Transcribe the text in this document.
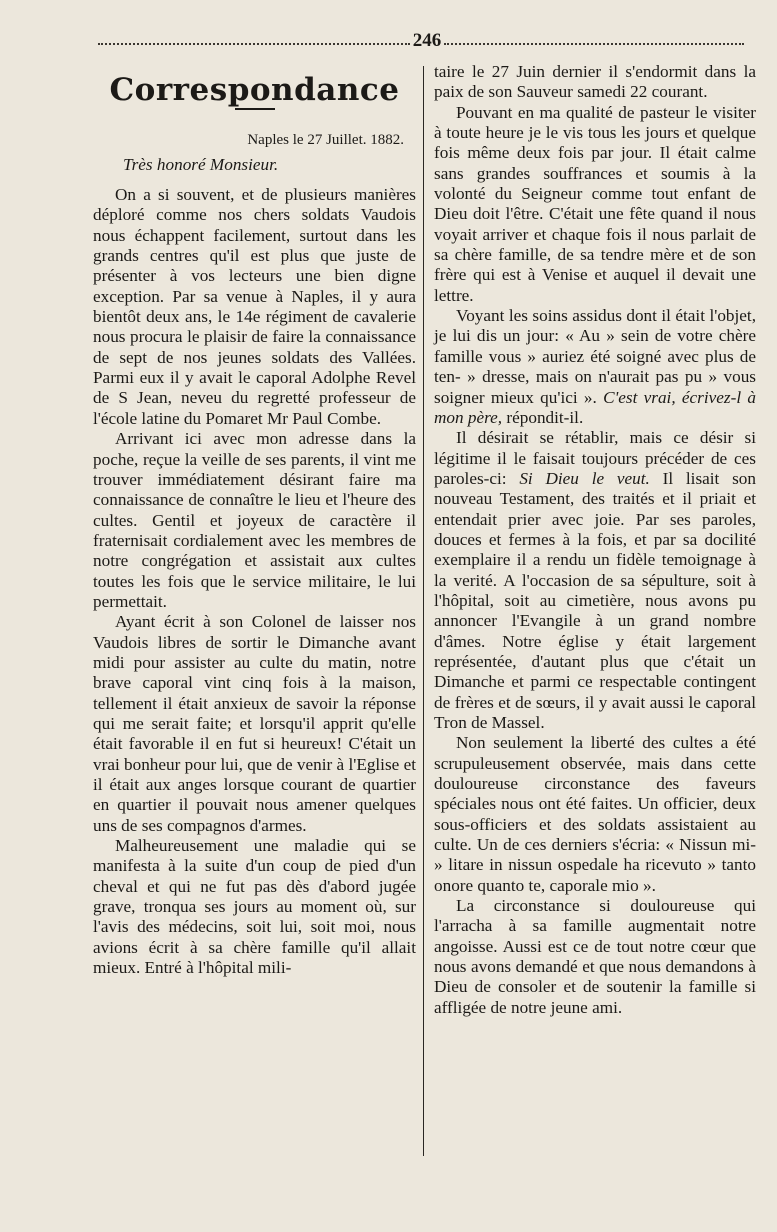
246
Correspondance
Naples le 27 Juillet. 1882.

Très honoré Monsieur.

On a si souvent, et de plusieurs manières déploré comme nos chers soldats Vaudois nous échappent facilement, surtout dans les grands centres qu'il est plus que juste de présenter à vos lecteurs une bien digne exception. Par sa venue à Naples, il y aura bientôt deux ans, le 14e régiment de cavalerie nous procura le plaisir de faire la connaissance de sept de nos jeunes soldats des Vallées. Parmi eux il y avait le caporal Adolphe Revel de S Jean, neveu du regretté professeur de l'école latine du Pomaret Mr Paul Combe.

Arrivant ici avec mon adresse dans la poche, reçue la veille de ses parents, il vint me trouver immédiatement désirant faire ma connaissance de connaître le lieu et l'heure des cultes. Gentil et joyeux de caractère il fraternisait cordialement avec les membres de notre congrégation et assistait aux cultes toutes les fois que le service militaire, le lui permettait.

Ayant écrit à son Colonel de laisser nos Vaudois libres de sortir le Dimanche avant midi pour assister au culte du matin, notre brave caporal vint cinq fois à la maison, tellement il était anxieux de savoir la réponse qui me serait faite; et lorsqu'il apprit qu'elle était favorable il en fut si heureux! C'était un vrai bonheur pour lui, que de venir à l'Eglise et il était aux anges lorsque courant de quartier en quartier il pouvait nous amener quelques uns de ses compagnos d'armes.

Malheureusement une maladie qui se manifesta à la suite d'un coup de pied d'un cheval et qui ne fut pas dès d'abord jugée grave, tronqua ses jours au moment où, sur l'avis des médecins, soit lui, soit moi, nous avions écrit à sa chère famille qu'il allait mieux. Entré à l'hôpital mili-

taire le 27 Juin dernier il s'endormit dans la paix de son Sauveur samedi 22 courant.

Pouvant en ma qualité de pasteur le visiter à toute heure je le vis tous les jours et quelque fois même deux fois par jour. Il était calme sans grandes souffrances et soumis à la volonté du Seigneur comme tout enfant de Dieu doit l'être. C'était une fête quand il nous voyait arriver et chaque fois il nous parlait de sa chère famille, de sa tendre mère et de son frère qui est à Venise et auquel il devait une lettre.

Voyant les soins assidus dont il était l'objet, je lui dis un jour: « Au » sein de votre chère famille vous » auriez été soigné avec plus de ten- » dresse, mais on n'aurait pas pu » vous soigner mieux qu'ici ». C'est vrai, écrivez-l à mon père, répondit-il.

Il désirait se rétablir, mais ce désir si légitime il le faisait toujours précéder de ces paroles-ci: Si Dieu le veut. Il lisait son nouveau Testament, des traités et il priait et entendait prier avec joie. Par ses paroles, douces et fermes à la fois, et par sa docilité exemplaire il a rendu un fidèle temoignage à la verité. A l'occasion de sa sépulture, soit à l'hôpital, soit au cimetière, nous avons pu annoncer l'Evangile à un grand nombre d'âmes. Notre église y était largement représentée, d'autant plus que c'était un Dimanche et parmi ce respectable contingent de frères et de sœurs, il y avait aussi le caporal Tron de Massel.

Non seulement la liberté des cultes a été scrupuleusement observée, mais dans cette douloureuse circonstance des faveurs spéciales nous ont été faites. Un officier, deux sous-officiers et des soldats assistaient au culte. Un de ces derniers s'écria: « Nissun mi- » litare in nissun ospedale ha ricevuto » tanto onore quanto te, caporale mio ».

La circonstance si douloureuse qui l'arracha à sa famille augmentait notre angoisse. Aussi est ce de tout notre cœur que nous avons demandé et que nous demandons à Dieu de consoler et de soutenir la famille si affligée de notre jeune ami.
